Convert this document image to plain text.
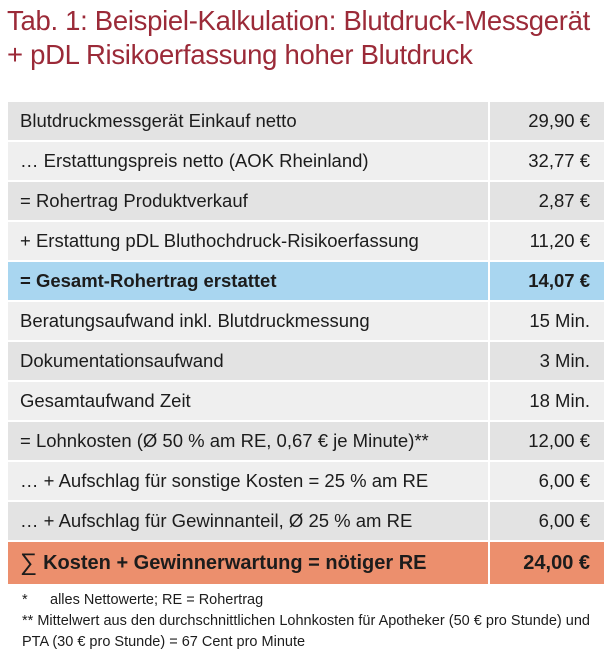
Tab. 1: Beispiel-Kalkulation: Blutdruck-Messgerät
+ pDL Risikoerfassung hoher Blutdruck
Blutdruckmessgerät Einkauf netto	29,90 €
… Erstattungspreis netto (AOK Rheinland)	32,77 €
= Rohertrag Produktverkauf	2,87 €
+ Erstattung pDL Bluthochdruck-Risikoerfassung	11,20 €
= Gesamt-Rohertrag erstattet	14,07 €
Beratungsaufwand inkl. Blutdruckmessung	15 Min.
Dokumentationsaufwand	3 Min.
Gesamtaufwand Zeit	18 Min.
= Lohnkosten (Ø 50 % am RE, 0,67 € je Minute)**	12,00 €
… + Aufschlag für sonstige Kosten = 25 % am RE	6,00 €
… + Aufschlag für Gewinnanteil, Ø 25 % am RE	6,00 €
∑ Kosten + Gewinnerwartung = nötiger RE	24,00 €
*	alles Nettowerte; RE = Rohertrag
** Mittelwert aus den durchschnittlichen Lohnkosten für Apotheker (50 € pro Stunde) und PTA (30 € pro Stunde) = 67 Cent pro Minute
